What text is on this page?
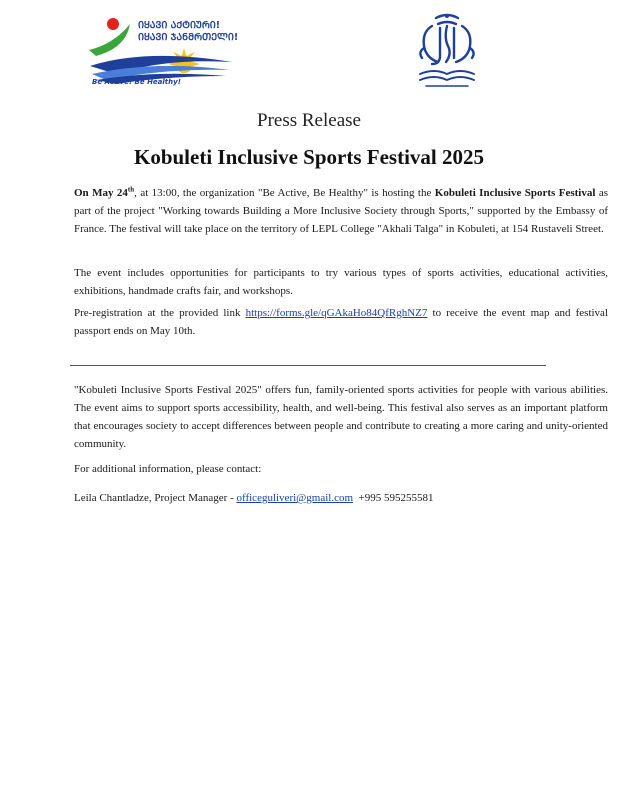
ᲘᲧᲐᲕᲘ ᲐᲥᲢᲘᲣᲠᲘ!
ᲘᲧᲐᲕᲘ ᲯᲐᲜᲛᲠᲗᲔᲚᲘ!
Be Active! Be Healthy!
Press Release
Kobuleti Inclusive Sports Festival 2025
On May 24th, at 13:00, the organization "Be Active, Be Healthy" is hosting the Kobuleti Inclusive Sports Festival as part of the project "Working towards Building a More Inclusive Society through Sports," supported by the Embassy of France. The festival will take place on the territory of LEPL College "Akhali Talga" in Kobuleti, at 154 Rustaveli Street.
The event includes opportunities for participants to try various types of sports activities, educational activities, exhibitions, handmade crafts fair, and workshops.
Pre-registration at the provided link https://forms.gle/qGAkaHo84QfRghNZ7 to receive the event map and festival passport ends on May 10th.
"Kobuleti Inclusive Sports Festival 2025" offers fun, family-oriented sports activities for people with various abilities. The event aims to support sports accessibility, health, and well-being. This festival also serves as an important platform that encourages society to accept differences between people and contribute to creating a more caring and unity-oriented community.
For additional information, please contact:
Leila Chantladze, Project Manager - officeguliveri@gmail.com +995 595255581
